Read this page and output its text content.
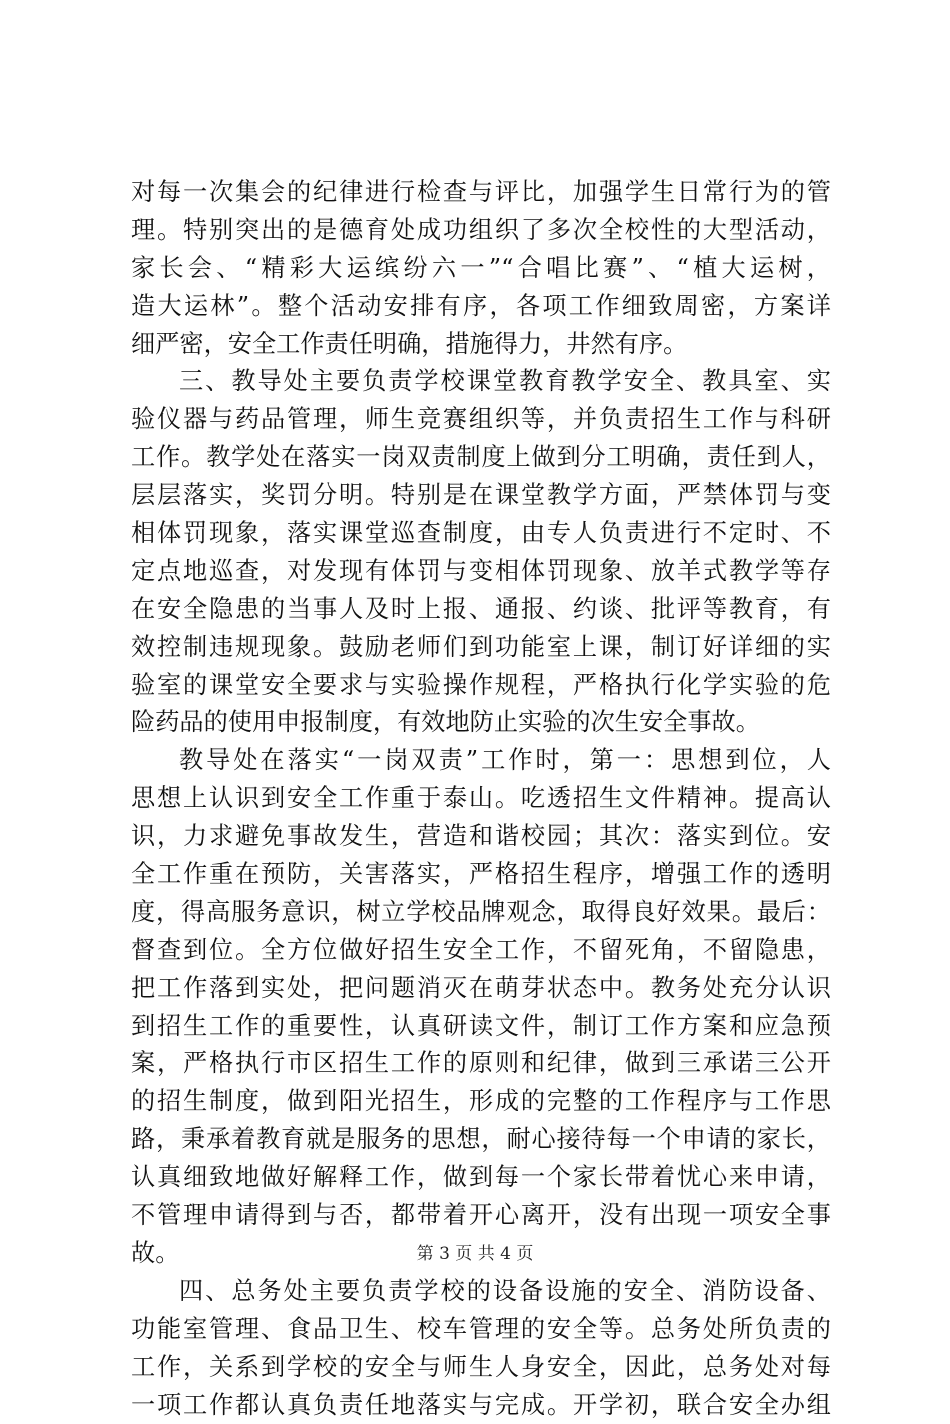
对每一次集会的纪律进行检查与评比，加强学生日常行为的管
理。特别突出的是德育处成功组织了多次全校性的大型活动，
家长会、“精彩大运缤纷六一”“合唱比赛”、“植大运树，
造大运林”。整个活动安排有序，各项工作细致周密，方案详
细严密，安全工作责任明确，措施得力，井然有序。
三、教导处主要负责学校课堂教育教学安全、教具室、实
验仪器与药品管理，师生竞赛组织等，并负责招生工作与科研
工作。教学处在落实一岗双责制度上做到分工明确，责任到人，
层层落实，奖罚分明。特别是在课堂教学方面，严禁体罚与变
相体罚现象，落实课堂巡查制度，由专人负责进行不定时、不
定点地巡查，对发现有体罚与变相体罚现象、放羊式教学等存
在安全隐患的当事人及时上报、通报、约谈、批评等教育，有
效控制违规现象。鼓励老师们到功能室上课，制订好详细的实
验室的课堂安全要求与实验操作规程，严格执行化学实验的危
险药品的使用申报制度，有效地防止实验的次生安全事故。
教导处在落实“一岗双责”工作时，第一：思想到位，人
思想上认识到安全工作重于泰山。吃透招生文件精神。提高认
识，力求避免事故发生，营造和谐校园；其次：落实到位。安
全工作重在预防，关害落实，严格招生程序，增强工作的透明
度，得高服务意识，树立学校品牌观念，取得良好效果。最后：
督查到位。全方位做好招生安全工作，不留死角，不留隐患，
把工作落到实处，把问题消灭在萌芽状态中。教务处充分认识
到招生工作的重要性，认真研读文件，制订工作方案和应急预
案，严格执行市区招生工作的原则和纪律，做到三承诺三公开
的招生制度，做到阳光招生，形成的完整的工作程序与工作思
路，秉承着教育就是服务的思想，耐心接待每一个申请的家长，
认真细致地做好解释工作，做到每一个家长带着忧心来申请，
不管理申请得到与否，都带着开心离开，没有出现一项安全事
故。
四、总务处主要负责学校的设备设施的安全、消防设备、
功能室管理、食品卫生、校车管理的安全等。总务处所负责的
工作，关系到学校的安全与师生人身安全，因此，总务处对每
一项工作都认真负责任地落实与完成。开学初，联合安全办组
第 3 页 共 4 页
